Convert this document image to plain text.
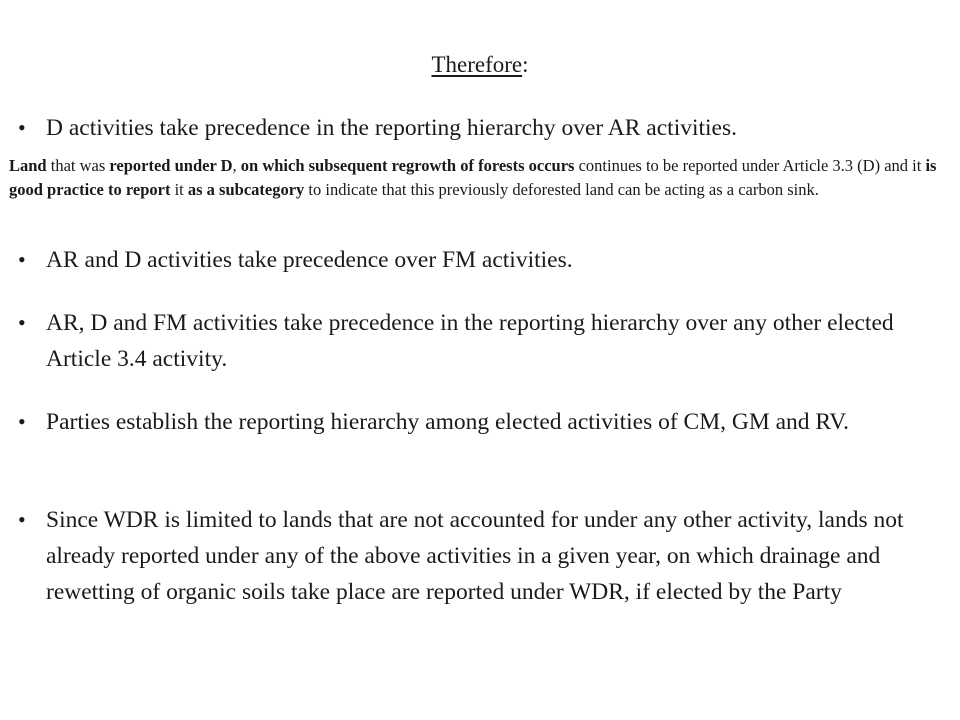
Therefore:
• D activities take precedence in the reporting hierarchy over AR activities.
Land that was reported under D, on which subsequent regrowth of forests occurs continues to be reported under Article 3.3 (D) and it is good practice to report it as a subcategory to indicate that this previously deforested land can be acting as a carbon sink.
• AR and D activities take precedence over FM activities.
• AR, D and FM activities take precedence in the reporting hierarchy over any other elected Article 3.4 activity.
• Parties establish the reporting hierarchy among elected activities of CM, GM and RV.
• Since WDR is limited to lands that are not accounted for under any other activity, lands not already reported under any of the above activities in a given year, on which drainage and rewetting of organic soils take place are reported under WDR, if elected by the Party
